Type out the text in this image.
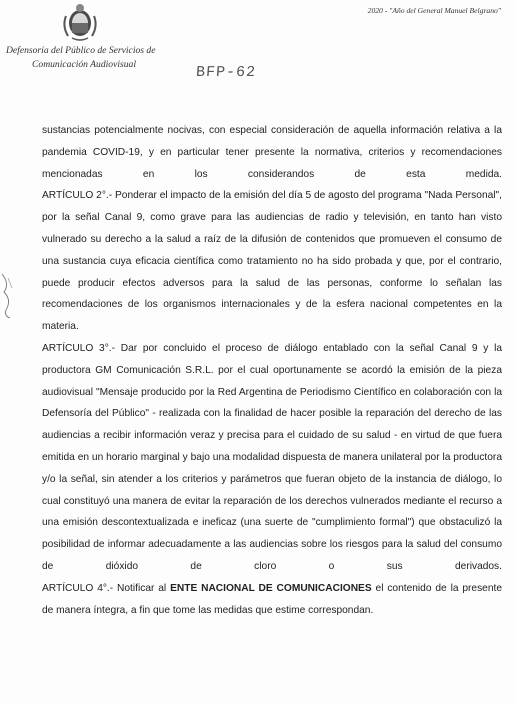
2020 - "Año del General Manuel Belgrano"
Defensoría del Público de Servicios de
Comunicación Audiovisual	BFP-62

sustancias potencialmente nocivas, con especial consideración de aquella información relativa a la pandemia COVID-19, y en particular tener presente la normativa, criterios y recomendaciones mencionadas en los considerandos de esta medida.

ARTÍCULO 2°.- Ponderar el impacto de la emisión del día 5 de agosto del programa "Nada Personal", por la señal Canal 9, como grave para las audiencias de radio y televisión, en tanto han visto vulnerado su derecho a la salud a raíz de la difusión de contenidos que promueven el consumo de una sustancia cuya eficacia científica como tratamiento no ha sido probada y que, por el contrario, puede producir efectos adversos para la salud de las personas, conforme lo señalan las recomendaciones de los organismos internacionales y de la esfera nacional competentes en la materia.

ARTÍCULO 3°.- Dar por concluido el proceso de diálogo entablado con la señal Canal 9 y la productora GM Comunicación S.R.L. por el cual oportunamente se acordó la emisión de la pieza audiovisual "Mensaje producido por la Red Argentina de Periodismo Científico en colaboración con la Defensoría del Público" - realizada con la finalidad de hacer posible la reparación del derecho de las audiencias a recibir información veraz y precisa para el cuidado de su salud - en virtud de que fuera emitida en un horario marginal y bajo una modalidad dispuesta de manera unilateral por la productora y/o la señal, sin atender a los criterios y parámetros que fueran objeto de la instancia de diálogo, lo cual constituyó una manera de evitar la reparación de los derechos vulnerados mediante el recurso a una emisión descontextualizada e ineficaz (una suerte de "cumplimiento formal") que obstaculizó la posibilidad de informar adecuadamente a las audiencias sobre los riesgos para la salud del consumo de dióxido de cloro o sus derivados.

ARTÍCULO 4°.- Notificar al ENTE NACIONAL DE COMUNICACIONES el contenido de la presente de manera íntegra, a fin que tome las medidas que estime correspondan.
